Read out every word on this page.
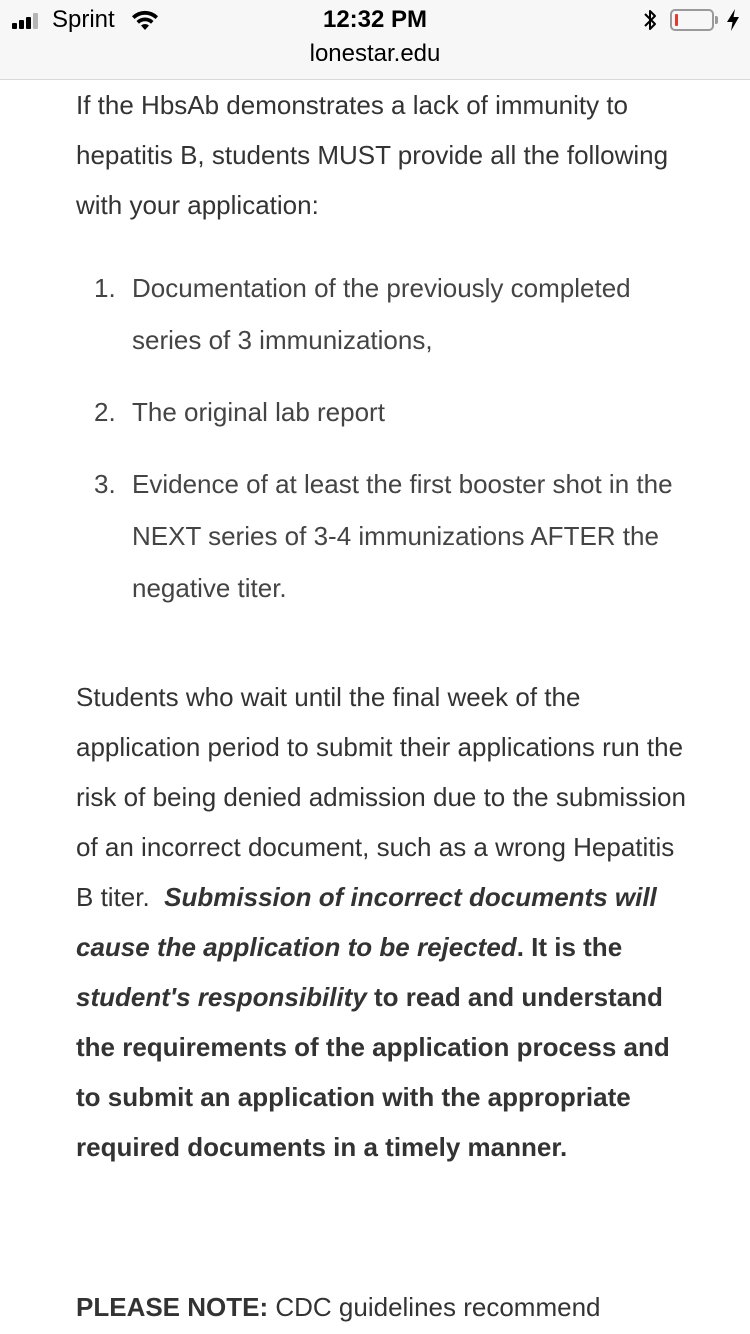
Sprint	12:32 PM
lonestar.edu

If the HbsAb demonstrates a lack of immunity to hepatitis B, students MUST provide all the following with your application:

1. Documentation of the previously completed series of 3 immunizations,
2. The original lab report
3. Evidence of at least the first booster shot in the NEXT series of 3-4 immunizations AFTER the negative titer.

Students who wait until the final week of the application period to submit their applications run the risk of being denied admission due to the submission of an incorrect document, such as a wrong Hepatitis B titer. Submission of incorrect documents will cause the application to be rejected. It is the student's responsibility to read and understand the requirements of the application process and to submit an application with the appropriate required documents in a timely manner.

PLEASE NOTE: CDC guidelines recommend
